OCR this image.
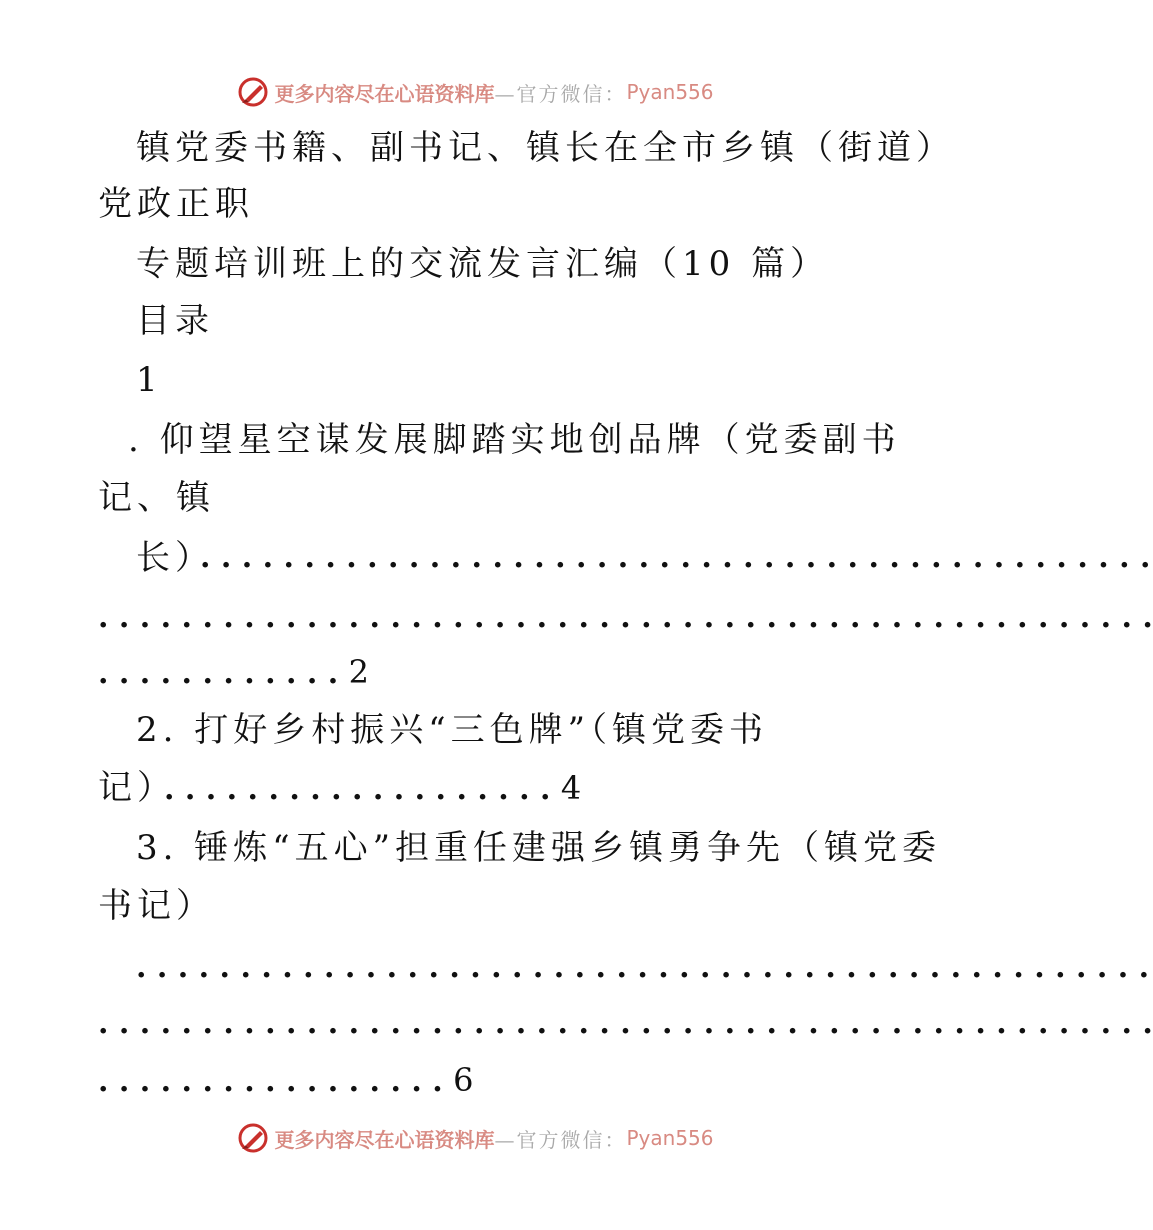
更多内容尽在心语资料库 —官方微信： Pyan556
镇党委书籍、副书记、镇长在全市乡镇（街道）
党政正职
专题培训班上的交流发言汇编（10 篇）
目录
1
. 仰望星空谋发展脚踏实地创品牌（党委副书
记、镇
长）
. . . . . . . . . . . . . . . . . . . . . . . . . . . . . . . . . . . . . . . . . . . . . .
. . . . . . . . . . . . . . . . . . . . . . . . . . . . . . . . . . . . . . . . . . . . . . . . . . .
. . . . . . . . . . . . 2
2. 打好乡村振兴“三色牌”（镇党委书
记）
. . . . . . . . . . . . . . . . . . . 4
3. 锤炼“五心”担重任建强乡镇勇争先（镇党委
书记）
. . . . . . . . . . . . . . . . . . . . . . . . . . . . . . . . . . . . . . . . . . . . . . . . .
. . . . . . . . . . . . . . . . . . . . . . . . . . . . . . . . . . . . . . . . . . . . . . . . . . .
. . . . . . . . . . . . . . . . . 6
更多内容尽在心语资料库 —官方微信： Pyan556
